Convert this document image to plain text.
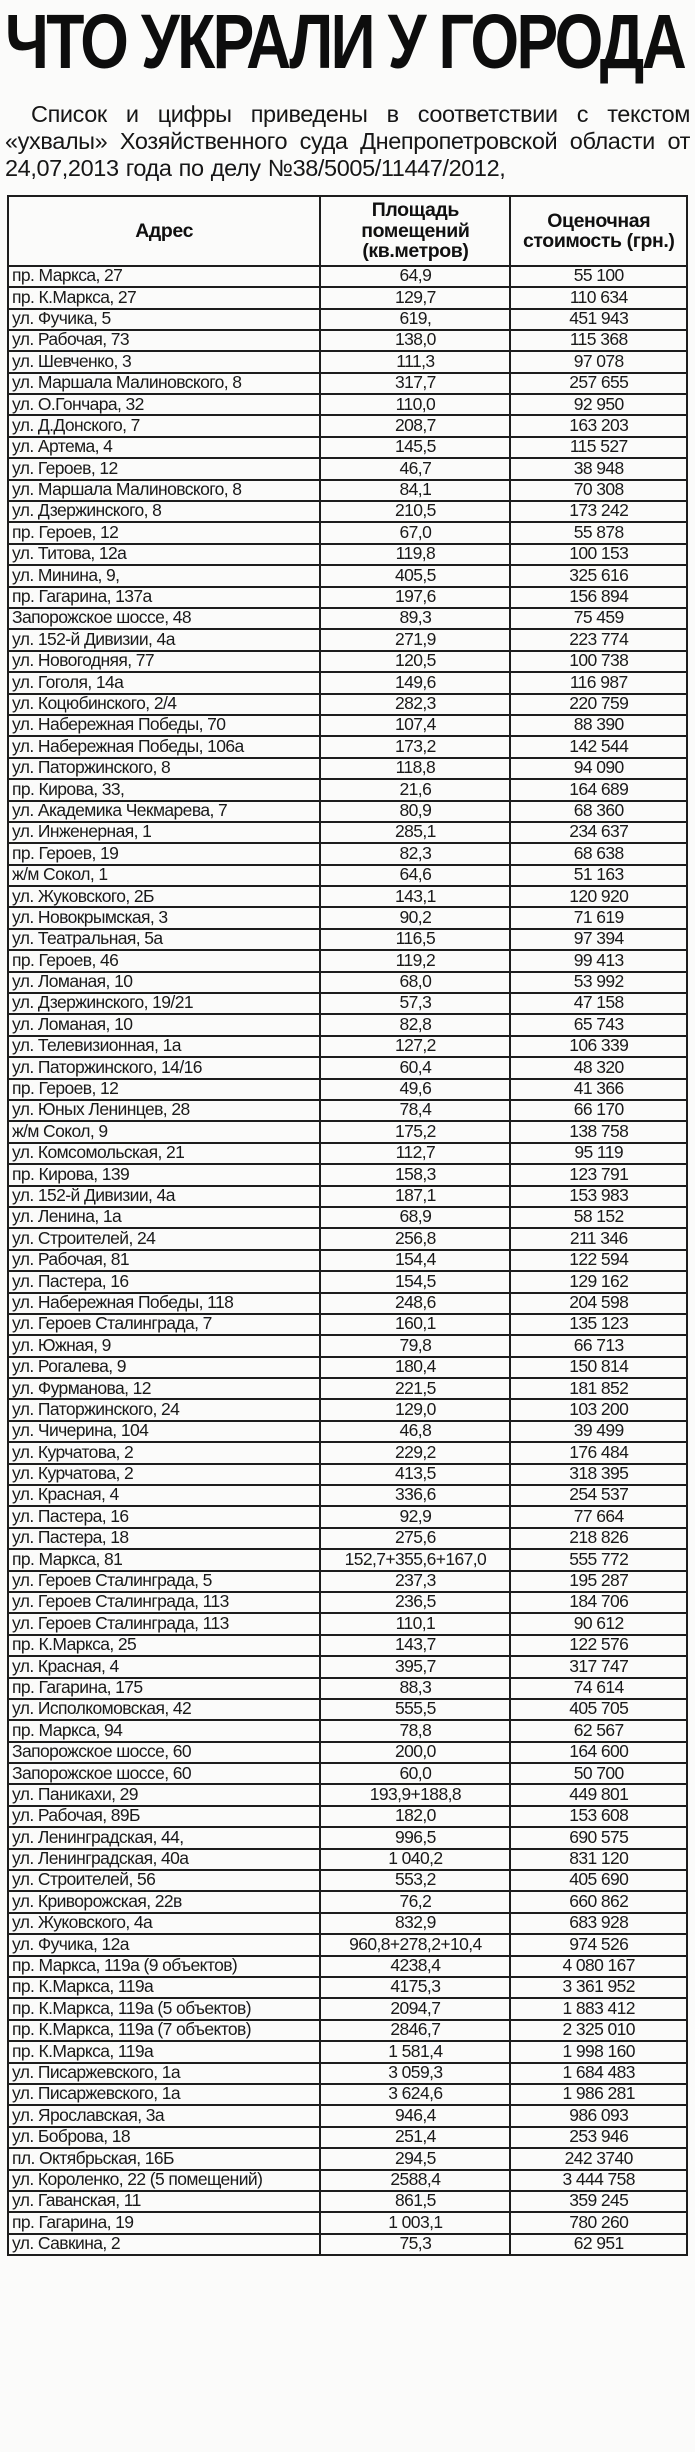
ЧТО УКРАЛИ У ГОРОДА

Список и цифры приведены в соответствии с текстом «ухвалы» Хозяйственного суда Днепропетровской области от 24,07,2013 года по делу №38/5005/11447/2012,

Адрес	Площадь помещений (кв.метров)	Оценочная стоимость (грн.)
пр. Маркса, 27	64,9	55 100
пр. К.Маркса, 27	129,7	110 634
ул. Фучика, 5	619,	451 943
ул. Рабочая, 73	138,0	115 368
ул. Шевченко, 3	111,3	97 078
ул. Маршала Малиновского, 8	317,7	257 655
ул. О.Гончара, 32	110,0	92 950
ул. Д.Донского, 7	208,7	163 203
ул. Артема, 4	145,5	115 527
ул. Героев, 12	46,7	38 948
ул. Маршала Малиновского, 8	84,1	70 308
ул. Дзержинского, 8	210,5	173 242
пр. Героев, 12	67,0	55 878
ул. Титова, 12а	119,8	100 153
ул. Минина, 9,	405,5	325 616
пр. Гагарина, 137а	197,6	156 894
Запорожское шоссе, 48	89,3	75 459
ул. 152-й Дивизии, 4а	271,9	223 774
ул. Новогодняя, 77	120,5	100 738
ул. Гоголя, 14а	149,6	116 987
ул. Коцюбинского, 2/4	282,3	220 759
ул. Набережная Победы, 70	107,4	88 390
ул. Набережная Победы, 106а	173,2	142 544
ул. Паторжинского, 8	118,8	94 090
пр. Кирова, 33,	21,6	164 689
ул. Академика Чекмарева, 7	80,9	68 360
ул. Инженерная, 1	285,1	234 637
пр. Героев, 19	82,3	68 638
ж/м Сокол, 1	64,6	51 163
ул. Жуковского, 2Б	143,1	120 920
ул. Новокрымская, 3	90,2	71 619
ул. Театральная, 5а	116,5	97 394
пр. Героев, 46	119,2	99 413
ул. Ломаная, 10	68,0	53 992
ул. Дзержинского, 19/21	57,3	47 158
ул. Ломаная, 10	82,8	65 743
ул. Телевизионная, 1а	127,2	106 339
ул. Паторжинского, 14/16	60,4	48 320
пр. Героев, 12	49,6	41 366
ул. Юных Ленинцев, 28	78,4	66 170
ж/м Сокол, 9	175,2	138 758
ул. Комсомольская, 21	112,7	95 119
пр. Кирова, 139	158,3	123 791
ул. 152-й Дивизии, 4а	187,1	153 983
ул. Ленина, 1а	68,9	58 152
ул. Строителей, 24	256,8	211 346
ул. Рабочая, 81	154,4	122 594
ул. Пастера, 16	154,5	129 162
ул. Набережная Победы, 118	248,6	204 598
ул. Героев Сталинграда, 7	160,1	135 123
ул. Южная, 9	79,8	66 713
ул. Рогалева, 9	180,4	150 814
ул. Фурманова, 12	221,5	181 852
ул. Паторжинского, 24	129,0	103 200
ул. Чичерина, 104	46,8	39 499
ул. Курчатова, 2	229,2	176 484
ул. Курчатова, 2	413,5	318 395
ул. Красная, 4	336,6	254 537
ул. Пастера, 16	92,9	77 664
ул. Пастера, 18	275,6	218 826
пр. Маркса, 81	152,7+355,6+167,0	555 772
ул. Героев Сталинграда, 5	237,3	195 287
ул. Героев Сталинграда, 113	236,5	184 706
ул. Героев Сталинграда, 113	110,1	90 612
пр. К.Маркса, 25	143,7	122 576
ул. Красная, 4	395,7	317 747
пр. Гагарина, 175	88,3	74 614
ул. Исполкомовская, 42	555,5	405 705
пр. Маркса, 94	78,8	62 567
Запорожское шоссе, 60	200,0	164 600
Запорожское шоссе, 60	60,0	50 700
ул. Паникахи, 29	193,9+188,8	449 801
ул. Рабочая, 89Б	182,0	153 608
ул. Ленинградская, 44,	996,5	690 575
ул. Ленинградская, 40а	1 040,2	831 120
ул. Строителей, 56	553,2	405 690
ул. Криворожская, 22в	76,2	660 862
ул. Жуковского, 4а	832,9	683 928
ул. Фучика, 12а	960,8+278,2+10,4	974 526
пр. Маркса, 119а (9 объектов)	4238,4	4 080 167
пр. К.Маркса, 119а	4175,3	3 361 952
пр. К.Маркса, 119а (5 объектов)	2094,7	1 883 412
пр. К.Маркса, 119а (7 объектов)	2846,7	2 325 010
пр. К.Маркса, 119а	1 581,4	1 998 160
ул. Писаржевского, 1а	3 059,3	1 684 483
ул. Писаржевского, 1а	3 624,6	1 986 281
ул. Ярославская, 3а	946,4	986 093
ул. Боброва, 18	251,4	253 946
пл. Октябрьская, 16Б	294,5	242 3740
ул. Короленко, 22 (5 помещений)	2588,4	3 444 758
ул. Гаванская, 11	861,5	359 245
пр. Гагарина, 19	1 003,1	780 260
ул. Савкина, 2	75,3	62 951
